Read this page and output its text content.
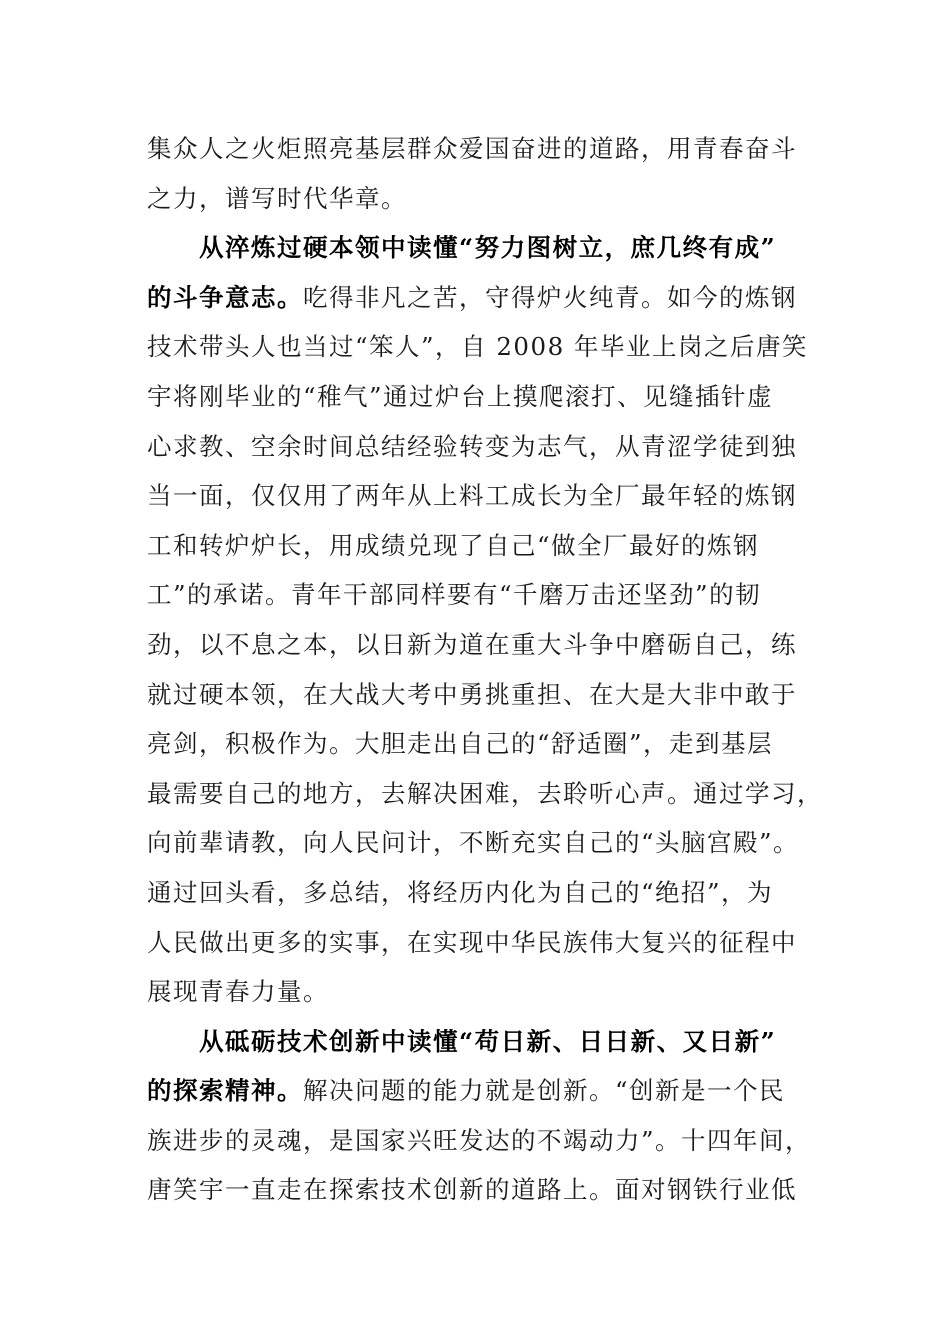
集众人之火炬照亮基层群众爱国奋进的道路，用青春奋斗
之力，谱写时代华章。
从淬炼过硬本领中读懂“努力图树立，庶几终有成”
的斗争意志。吃得非凡之苦，守得炉火纯青。如今的炼钢
技术带头人也当过“笨人”，自 2008 年毕业上岗之后唐笑
宇将刚毕业的“稚气”通过炉台上摸爬滚打、见缝插针虚
心求教、空余时间总结经验转变为志气，从青涩学徒到独
当一面，仅仅用了两年从上料工成长为全厂最年轻的炼钢
工和转炉炉长，用成绩兑现了自己“做全厂最好的炼钢
工”的承诺。青年干部同样要有“千磨万击还坚劲”的韧
劲，以不息之本，以日新为道在重大斗争中磨砺自己，练
就过硬本领，在大战大考中勇挑重担、在大是大非中敢于
亮剑，积极作为。大胆走出自己的“舒适圈”，走到基层
最需要自己的地方，去解决困难，去聆听心声。通过学习，
向前辈请教，向人民问计，不断充实自己的“头脑宫殿”。
通过回头看，多总结，将经历内化为自己的“绝招”，为
人民做出更多的实事，在实现中华民族伟大复兴的征程中
展现青春力量。
从砥砺技术创新中读懂“苟日新、日日新、又日新”
的探索精神。解决问题的能力就是创新。“创新是一个民
族进步的灵魂，是国家兴旺发达的不竭动力”。十四年间，
唐笑宇一直走在探索技术创新的道路上。面对钢铁行业低
